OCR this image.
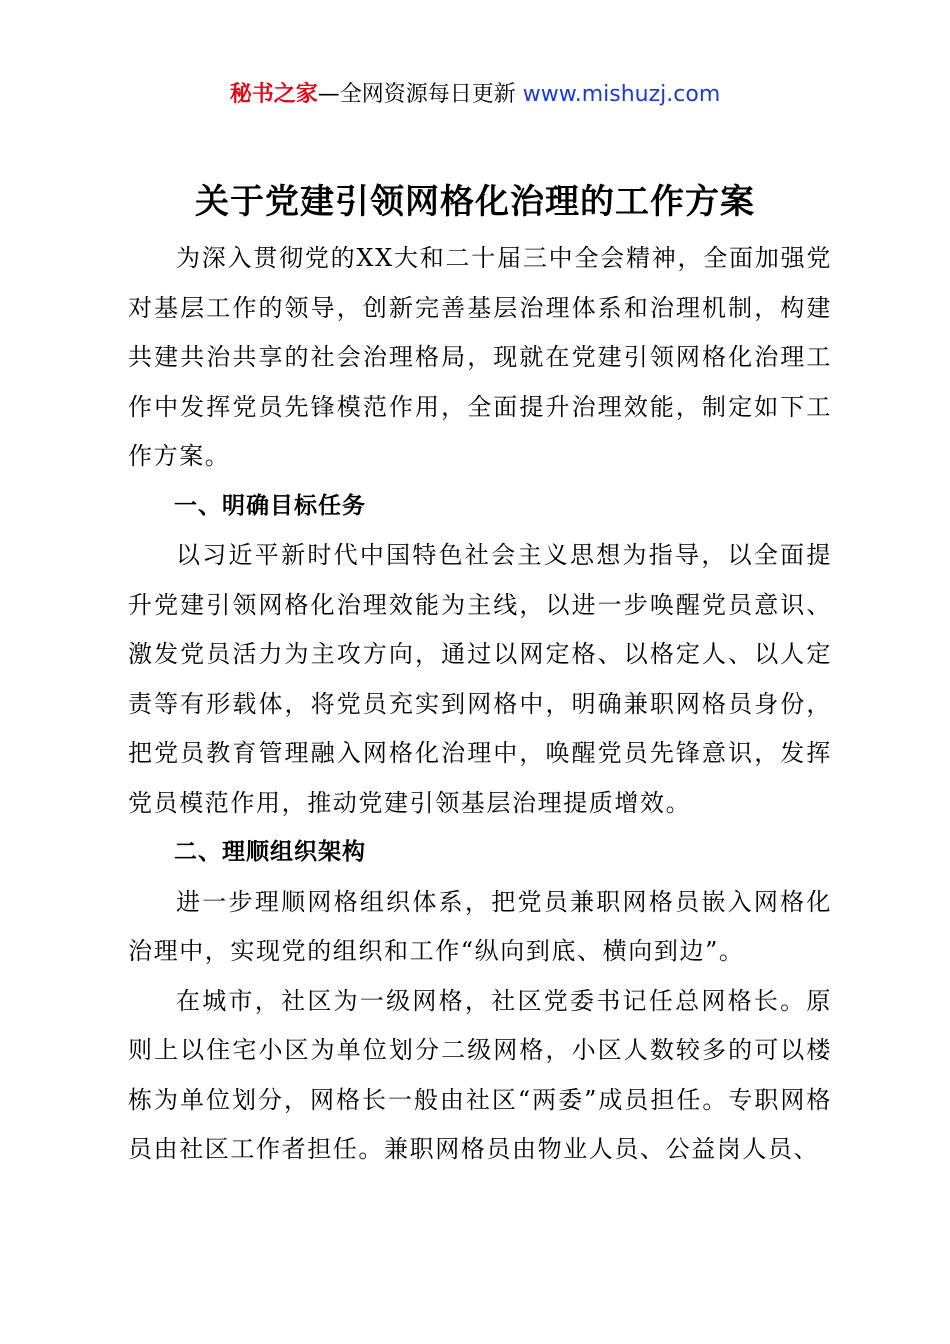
秘书之家—全网资源每日更新 www.mishuzj.com
关于党建引领网格化治理的工作方案

为深入贯彻党的XX大和二十届三中全会精神，全面加强党对基层工作的领导，创新完善基层治理体系和治理机制，构建共建共治共享的社会治理格局，现就在党建引领网格化治理工作中发挥党员先锋模范作用，全面提升治理效能，制定如下工作方案。

一、明确目标任务

以习近平新时代中国特色社会主义思想为指导，以全面提升党建引领网格化治理效能为主线，以进一步唤醒党员意识、激发党员活力为主攻方向，通过以网定格、以格定人、以人定责等有形载体，将党员充实到网格中，明确兼职网格员身份，把党员教育管理融入网格化治理中，唤醒党员先锋意识，发挥党员模范作用，推动党建引领基层治理提质增效。

二、理顺组织架构

进一步理顺网格组织体系，把党员兼职网格员嵌入网格化治理中，实现党的组织和工作“纵向到底、横向到边”。

在城市，社区为一级网格，社区党委书记任总网格长。原则上以住宅小区为单位划分二级网格，小区人数较多的可以楼栋为单位划分，网格长一般由社区“两委”成员担任。专职网格员由社区工作者担任。兼职网格员由物业人员、公益岗人员、
